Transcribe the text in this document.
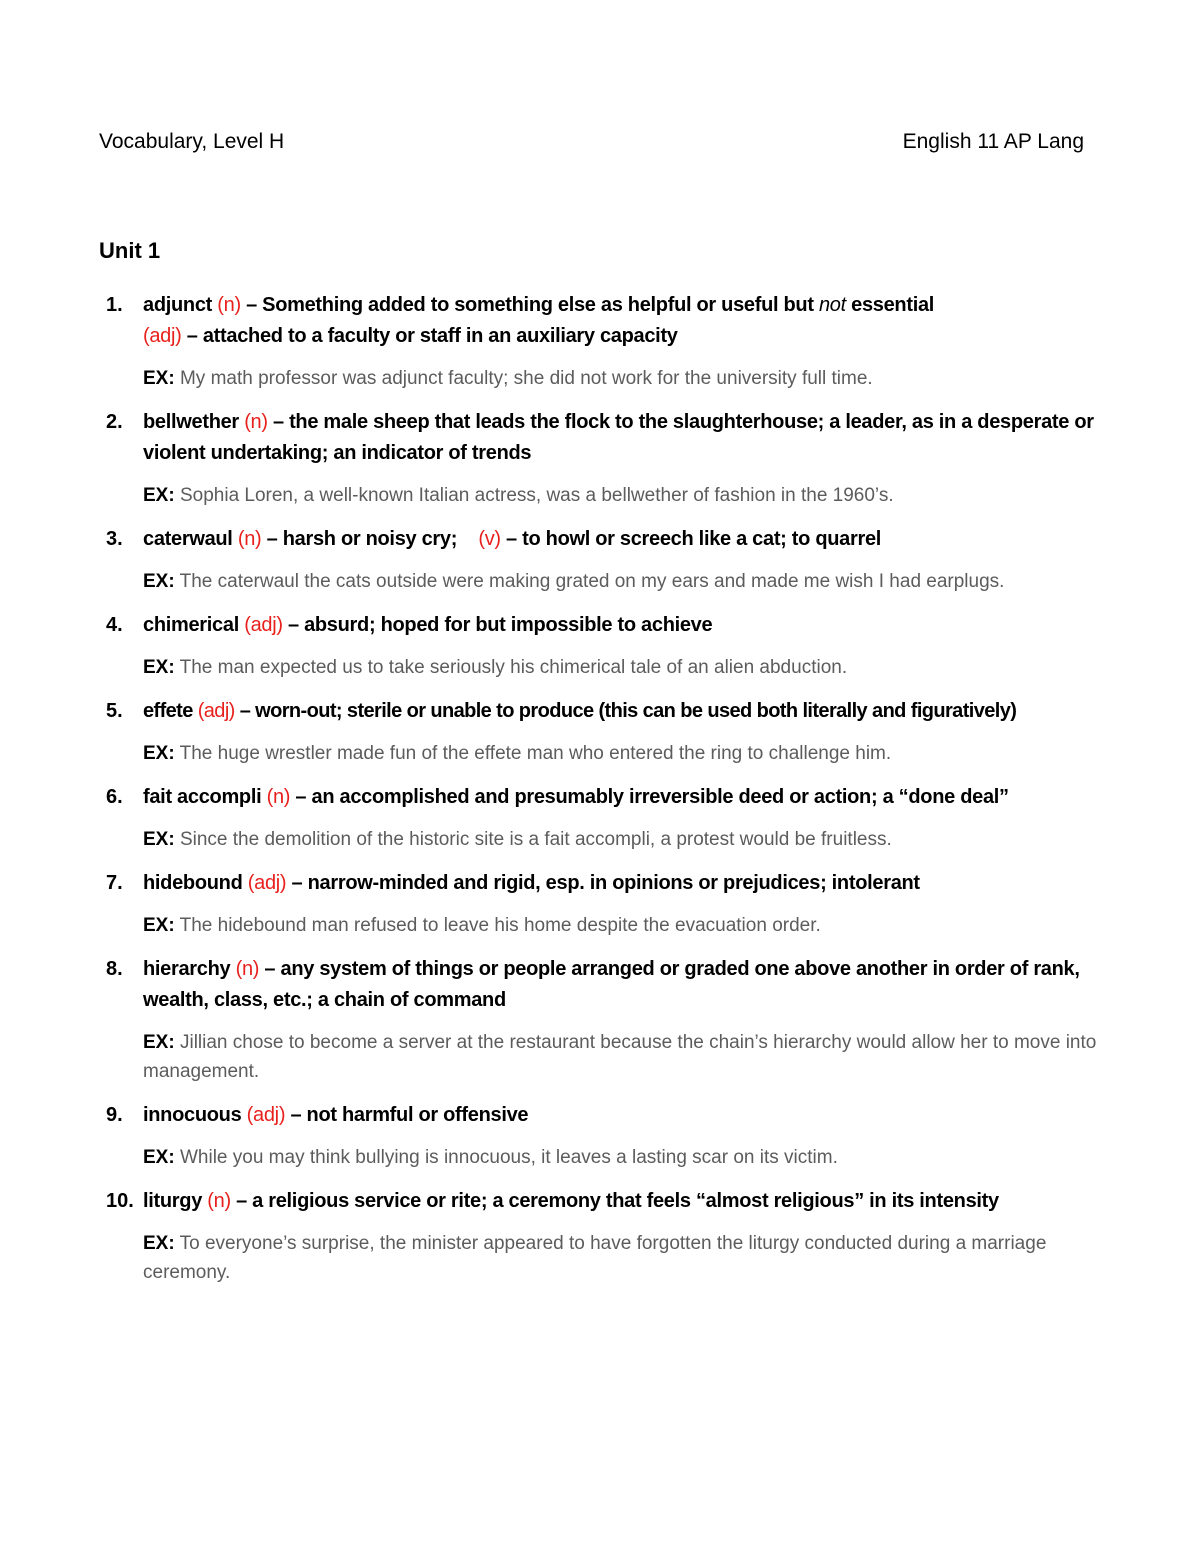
Vocabulary, Level H	English 11 AP Lang
Unit 1
1.	adjunct (n) – Something added to something else as helpful or useful but not essential
(adj) – attached to a faculty or staff in an auxiliary capacity
EX: My math professor was adjunct faculty; she did not work for the university full time.
2.	bellwether (n) – the male sheep that leads the flock to the slaughterhouse; a leader, as in a desperate or violent undertaking; an indicator of trends
EX: Sophia Loren, a well-known Italian actress, was a bellwether of fashion in the 1960’s.
3.	caterwaul (n) – harsh or noisy cry; (v) – to howl or screech like a cat; to quarrel
EX: The caterwaul the cats outside were making grated on my ears and made me wish I had earplugs.
4.	chimerical (adj) – absurd; hoped for but impossible to achieve
EX: The man expected us to take seriously his chimerical tale of an alien abduction.
5.	effete (adj) – worn-out; sterile or unable to produce (this can be used both literally and figuratively)
EX: The huge wrestler made fun of the effete man who entered the ring to challenge him.
6.	fait accompli (n) – an accomplished and presumably irreversible deed or action; a “done deal”
EX: Since the demolition of the historic site is a fait accompli, a protest would be fruitless.
7.	hidebound (adj) – narrow-minded and rigid, esp. in opinions or prejudices; intolerant
EX: The hidebound man refused to leave his home despite the evacuation order.
8.	hierarchy (n) – any system of things or people arranged or graded one above another in order of rank, wealth, class, etc.; a chain of command
EX: Jillian chose to become a server at the restaurant because the chain’s hierarchy would allow her to move into management.
9.	innocuous (adj) – not harmful or offensive
EX: While you may think bullying is innocuous, it leaves a lasting scar on its victim.
10. liturgy (n) – a religious service or rite; a ceremony that feels “almost religious” in its intensity
EX: To everyone’s surprise, the minister appeared to have forgotten the liturgy conducted during a marriage ceremony.
